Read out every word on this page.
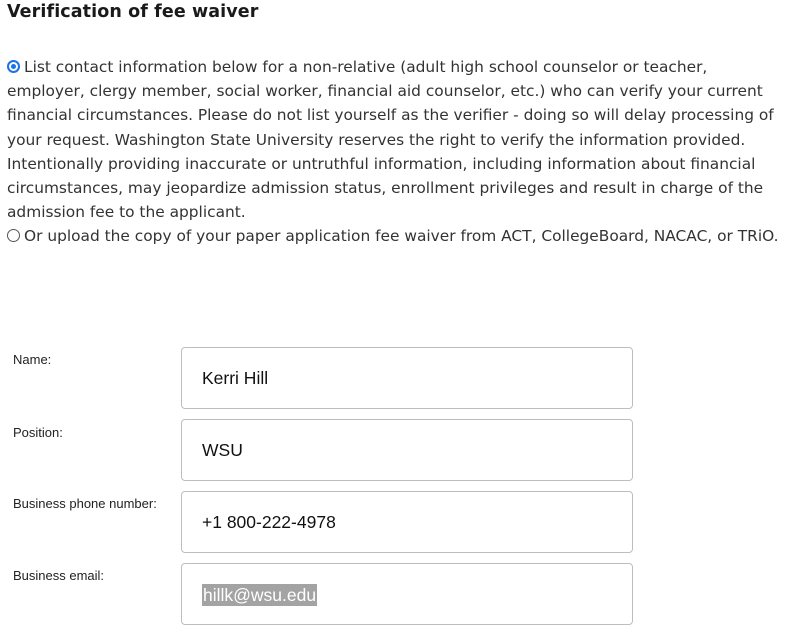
Verification of fee waiver
List contact information below for a non-relative (adult high school counselor or teacher, employer, clergy member, social worker, financial aid counselor, etc.) who can verify your current financial circumstances. Please do not list yourself as the verifier - doing so will delay processing of your request. Washington State University reserves the right to verify the information provided. Intentionally providing inaccurate or untruthful information, including information about financial circumstances, may jeopardize admission status, enrollment privileges and result in charge of the admission fee to the applicant.
Or upload the copy of your paper application fee waiver from ACT, CollegeBoard, NACAC, or TRiO.
Name:
Kerri Hill
Position:
WSU
Business phone number:
+1 800-222-4978
Business email:
hillk@wsu.edu
